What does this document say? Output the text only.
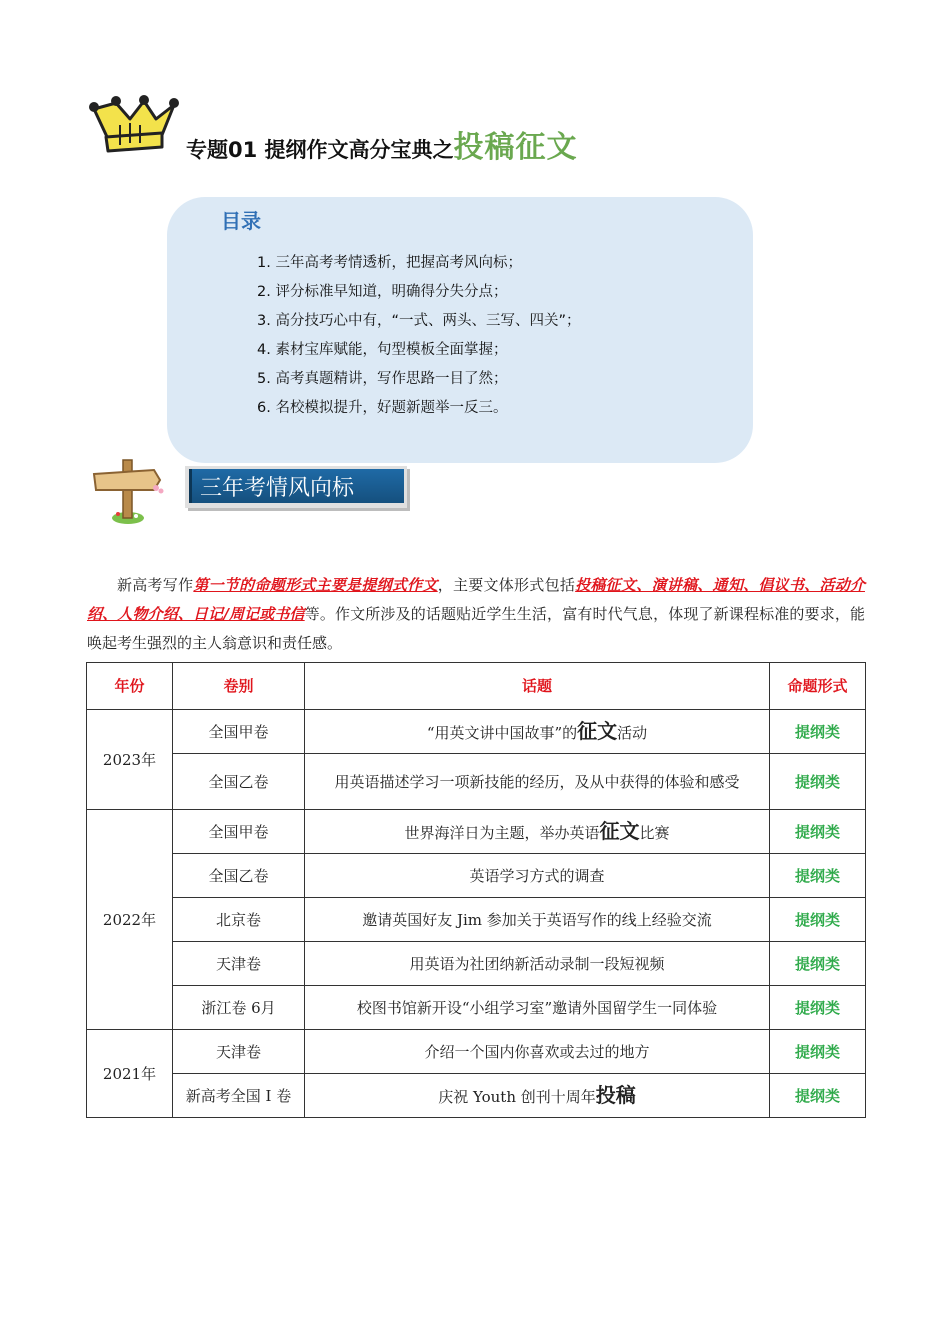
专题01 提纲作文高分宝典之投稿征文
目录
1. 三年高考考情透析，把握高考风向标；
2. 评分标准早知道，明确得分失分点；
3. 高分技巧心中有，“一式、两头、三写、四关”；
4. 素材宝库赋能，句型模板全面掌握；
5. 高考真题精讲，写作思路一目了然；
6. 名校模拟提升，好题新题举一反三。
三年考情风向标

新高考写作第一节的命题形式主要是提纲式作文，主要文体形式包括投稿征文、演讲稿、通知、倡议书、活动介绍、人物介绍、日记/周记或书信等。作文所涉及的话题贴近学生生活，富有时代气息，体现了新课程标准的要求，能唤起考生强烈的主人翁意识和责任感。

年份	卷别	话题	命题形式
2023年	全国甲卷	“用英文讲中国故事”的征文活动	提纲类
	全国乙卷	用英语描述学习一项新技能的经历，及从中获得的体验和感受	提纲类
2022年	全国甲卷	世界海洋日为主题，举办英语征文比赛	提纲类
	全国乙卷	英语学习方式的调查	提纲类
	北京卷	邀请英国好友 Jim 参加关于英语写作的线上经验交流	提纲类
	天津卷	用英语为社团纳新活动录制一段短视频	提纲类
	浙江卷 6月	校图书馆新开设“小组学习室”邀请外国留学生一同体验	提纲类
2021年	天津卷	介绍一个国内你喜欢或去过的地方	提纲类
	新高考全国 I 卷	庆祝 Youth 创刊十周年投稿	提纲类
